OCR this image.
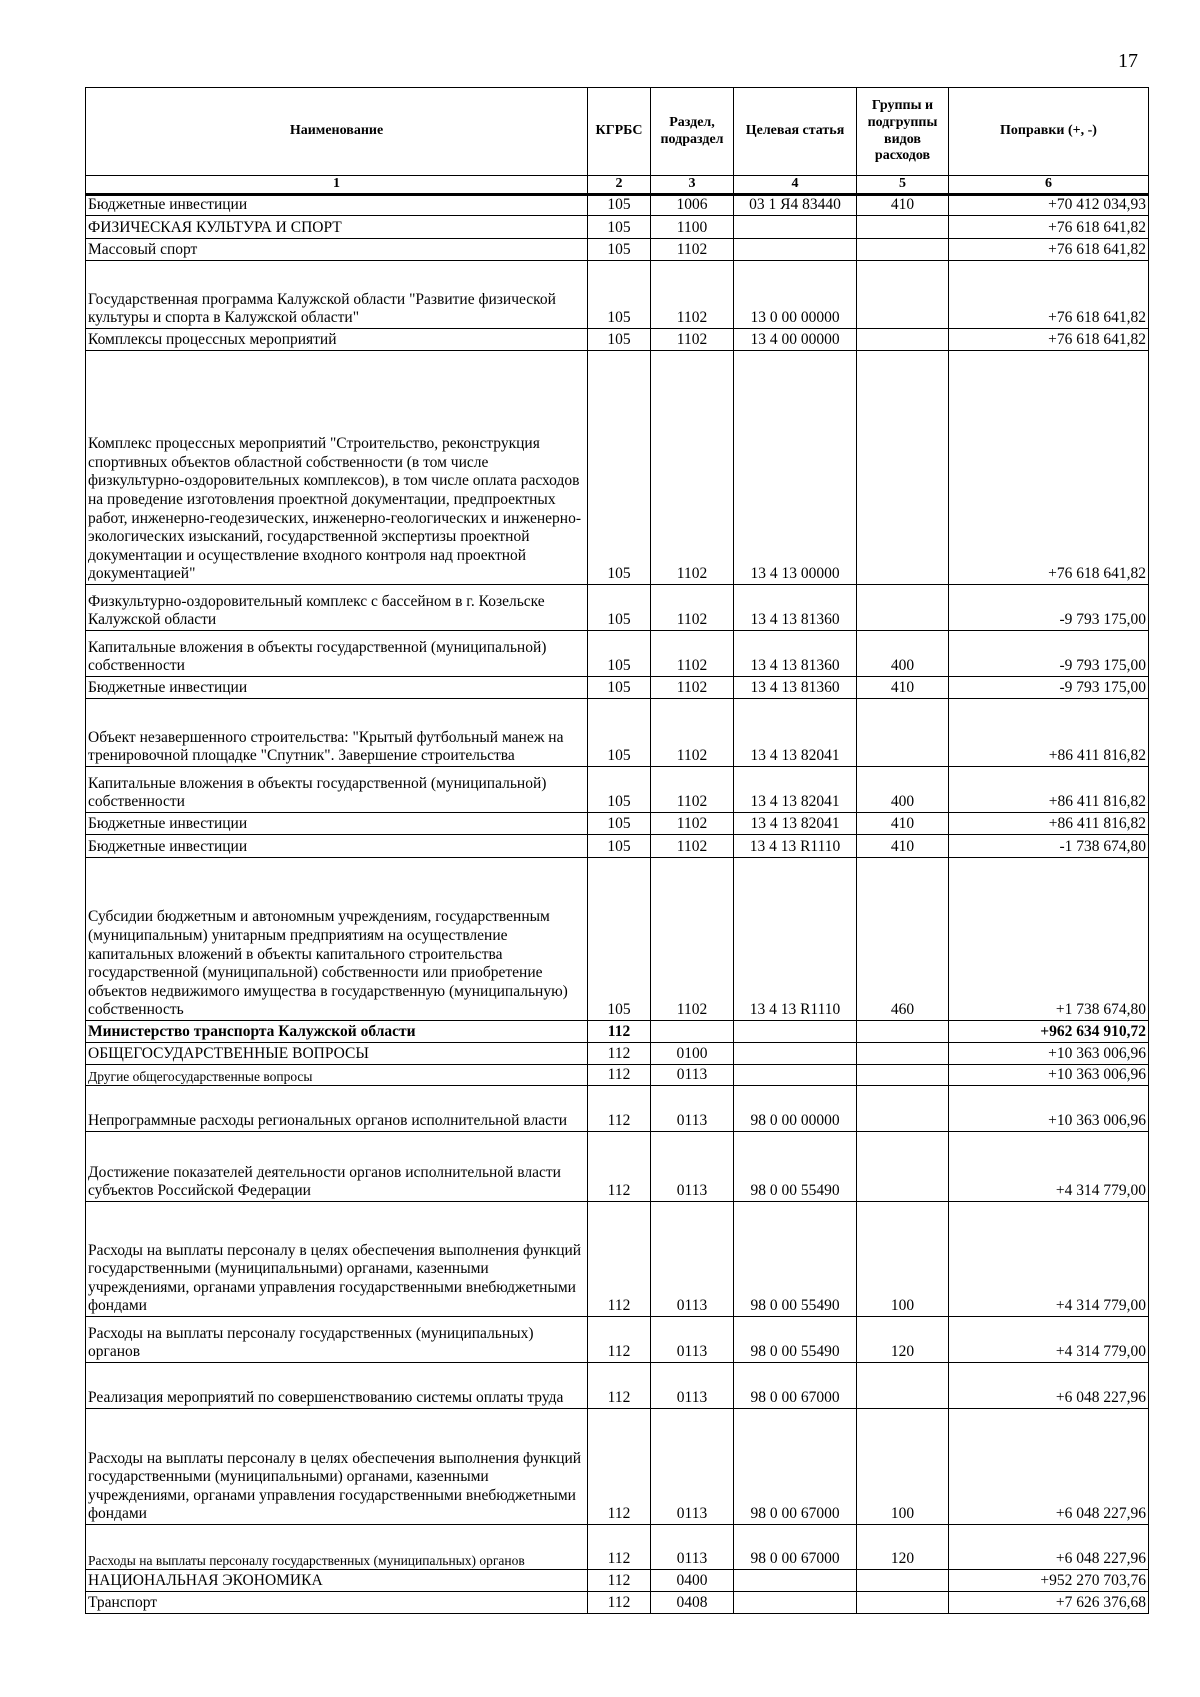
17
Наименование	КГРБС	Раздел, подраздел	Целевая статья	Группы и подгруппы видов расходов	Поправки (+, -)
1	2	3	4	5	6
Бюджетные инвестиции	105	1006	03 1 Я4 83440	410	+70 412 034,93
ФИЗИЧЕСКАЯ КУЛЬТУРА И СПОРТ	105	1100			+76 618 641,82
Массовый спорт	105	1102			+76 618 641,82
Государственная программа Калужской области "Развитие физической культуры и спорта в Калужской области"	105	1102	13 0 00 00000		+76 618 641,82
Комплексы процессных мероприятий	105	1102	13 4 00 00000		+76 618 641,82
Комплекс процессных мероприятий "Строительство, реконструкция спортивных объектов областной собственности (в том числе физкультурно-оздоровительных комплексов), в том числе оплата расходов на проведение изготовления проектной документации, предпроектных работ, инженерно-геодезических, инженерно-геологических и инженерно-экологических изысканий, государственной экспертизы проектной документации и осуществление входного контроля над проектной документацией"	105	1102	13 4 13 00000		+76 618 641,82
Физкультурно-оздоровительный комплекс с бассейном в г. Козельске Калужской области	105	1102	13 4 13 81360		-9 793 175,00
Капитальные вложения в объекты государственной (муниципальной) собственности	105	1102	13 4 13 81360	400	-9 793 175,00
Бюджетные инвестиции	105	1102	13 4 13 81360	410	-9 793 175,00
Объект незавершенного строительства: "Крытый футбольный манеж на тренировочной площадке "Спутник". Завершение строительства	105	1102	13 4 13 82041		+86 411 816,82
Капитальные вложения в объекты государственной (муниципальной) собственности	105	1102	13 4 13 82041	400	+86 411 816,82
Бюджетные инвестиции	105	1102	13 4 13 82041	410	+86 411 816,82
Бюджетные инвестиции	105	1102	13 4 13 R1110	410	-1 738 674,80
Субсидии бюджетным и автономным учреждениям, государственным (муниципальным) унитарным предприятиям на осуществление капитальных вложений в объекты капитального строительства государственной (муниципальной) собственности или приобретение объектов недвижимого имущества в государственную (муниципальную) собственность	105	1102	13 4 13 R1110	460	+1 738 674,80
Министерство транспорта Калужской области	112				+962 634 910,72
ОБЩЕГОСУДАРСТВЕННЫЕ ВОПРОСЫ	112	0100			+10 363 006,96
Другие общегосударственные вопросы	112	0113			+10 363 006,96
Непрограммные расходы региональных органов исполнительной власти	112	0113	98 0 00 00000		+10 363 006,96
Достижение показателей деятельности органов исполнительной власти субъектов Российской Федерации	112	0113	98 0 00 55490		+4 314 779,00
Расходы на выплаты персоналу в целях обеспечения выполнения функций государственными (муниципальными) органами, казенными учреждениями, органами управления государственными внебюджетными фондами	112	0113	98 0 00 55490	100	+4 314 779,00
Расходы на выплаты персоналу государственных (муниципальных) органов	112	0113	98 0 00 55490	120	+4 314 779,00
Реализация мероприятий по совершенствованию системы оплаты труда	112	0113	98 0 00 67000		+6 048 227,96
Расходы на выплаты персоналу в целях обеспечения выполнения функций государственными (муниципальными) органами, казенными учреждениями, органами управления государственными внебюджетными фондами	112	0113	98 0 00 67000	100	+6 048 227,96
Расходы на выплаты персоналу государственных (муниципальных) органов	112	0113	98 0 00 67000	120	+6 048 227,96
НАЦИОНАЛЬНАЯ ЭКОНОМИКА	112	0400			+952 270 703,76
Транспорт	112	0408			+7 626 376,68
